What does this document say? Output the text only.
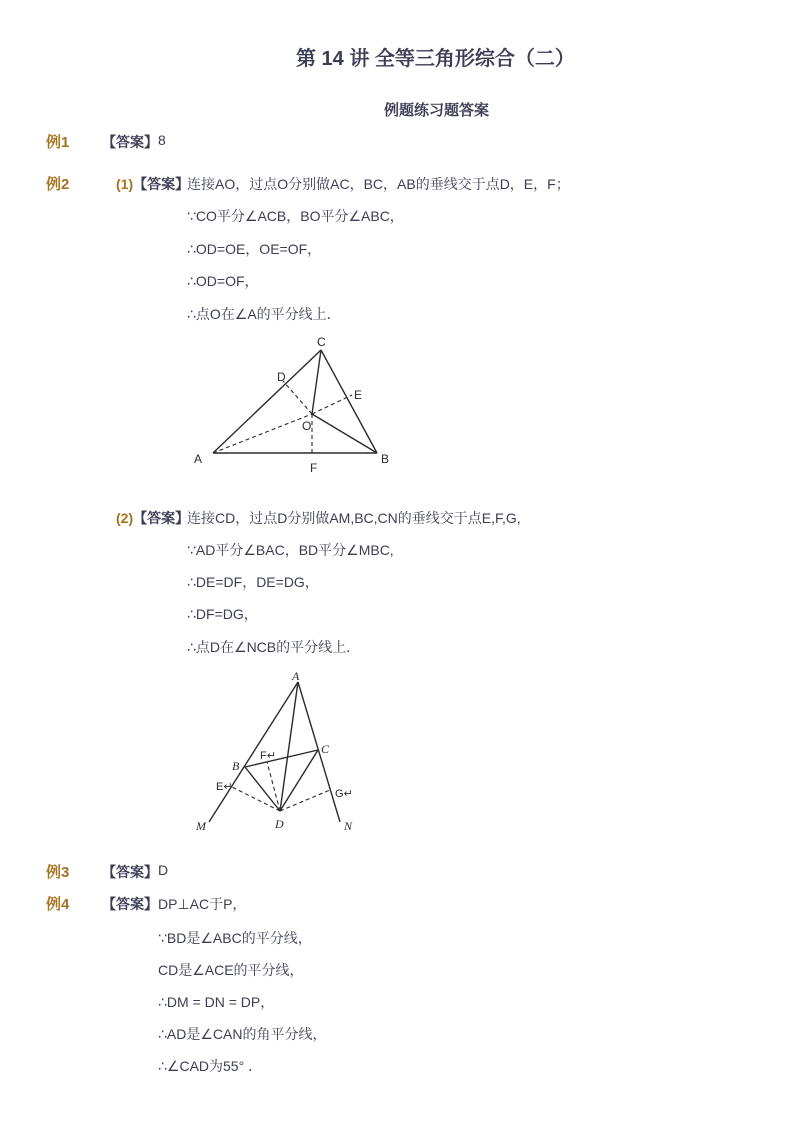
第 14 讲 全等三角形综合（二）
例题练习题答案
例1 【答案】 8
例2	(1)【答案】
连接AO，过点O分别做AC，BC，AB的垂线交于点D，E，F；
∵CO平分∠ACB，BO平分∠ABC，
∴OD=OE，OE=OF，
∴OD=OF，
∴点O在∠A的平分线上．
C
D
E
O
A	B
F
(2)【答案】
连接CD，过点D分别做AM,BC,CN的垂线交于点E,F,G,
∵AD平分∠BAC，BD平分∠MBC,
∴DE=DF，DE=DG，
∴DF=DG，
∴点D在∠NCB的平分线上．
A
B
C
F↵
E↵
G↵
M	D	N
例3 【答案】 D
例4 【答案】 DP⊥AC于P，
∵BD是∠ABC的平分线，
CD是∠ACE的平分线，
∴DM = DN = DP，
∴AD是∠CAN的角平分线，
∴∠CAD为55° ．
